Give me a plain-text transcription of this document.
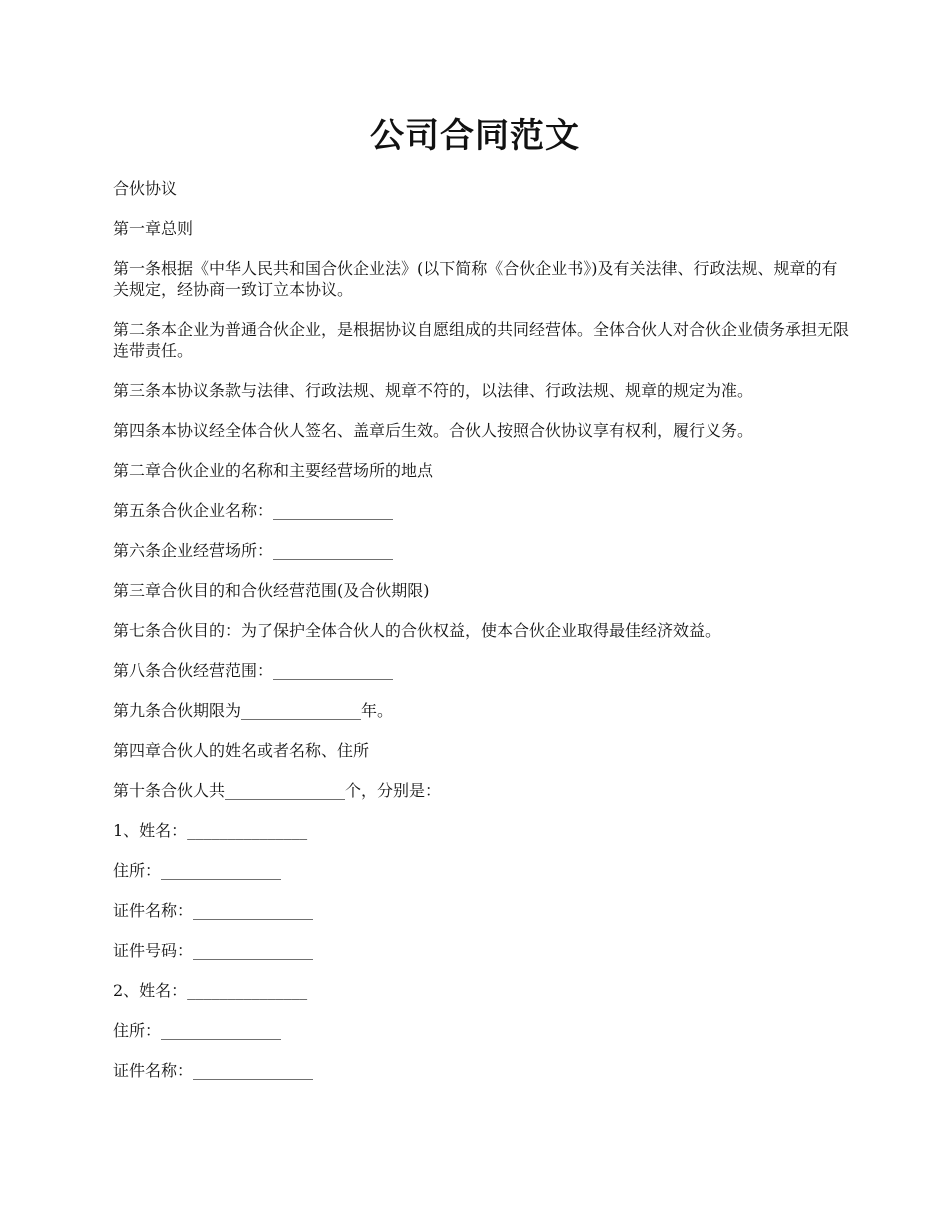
公司合同范文

合伙协议

第一章总则

第一条根据《中华人民共和国合伙企业法》(以下简称《合伙企业书》)及有关法律、行政法规、规章的有关规定，经协商一致订立本协议。

第二条本企业为普通合伙企业，是根据协议自愿组成的共同经营体。全体合伙人对合伙企业债务承担无限连带责任。

第三条本协议条款与法律、行政法规、规章不符的，以法律、行政法规、规章的规定为准。

第四条本协议经全体合伙人签名、盖章后生效。合伙人按照合伙协议享有权利，履行义务。

第二章合伙企业的名称和主要经营场所的地点

第五条合伙企业名称：_______________

第六条企业经营场所：_______________

第三章合伙目的和合伙经营范围(及合伙期限)

第七条合伙目的：为了保护全体合伙人的合伙权益，使本合伙企业取得最佳经济效益。

第八条合伙经营范围：_______________

第九条合伙期限为_______________年。

第四章合伙人的姓名或者名称、住所

第十条合伙人共_______________个，分别是：

1、姓名：_______________

住所：_______________

证件名称：_______________

证件号码：_______________

2、姓名：_______________

住所：_______________

证件名称：_______________
